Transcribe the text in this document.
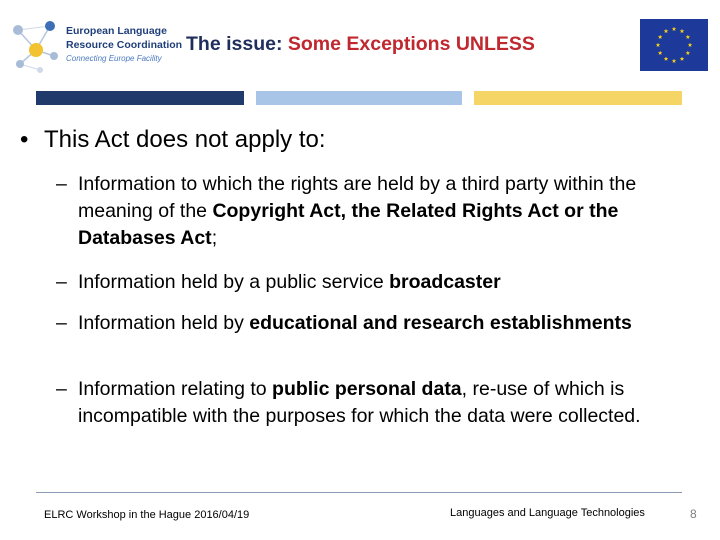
European Language
Resource Coordination
Connecting Europe Facility
The issue: Some Exceptions UNLESS
• This Act does not apply to:
– Information to which the rights are held by a third party within the meaning of the Copyright Act, the Related Rights Act or the Databases Act;
– Information held by a public service broadcaster
– Information held by educational and research establishments
– Information relating to public personal data, re-use of which is incompatible with the purposes for which the data were collected.
ELRC Workshop in the Hague 2016/04/19	Languages and Language Technologies	8
